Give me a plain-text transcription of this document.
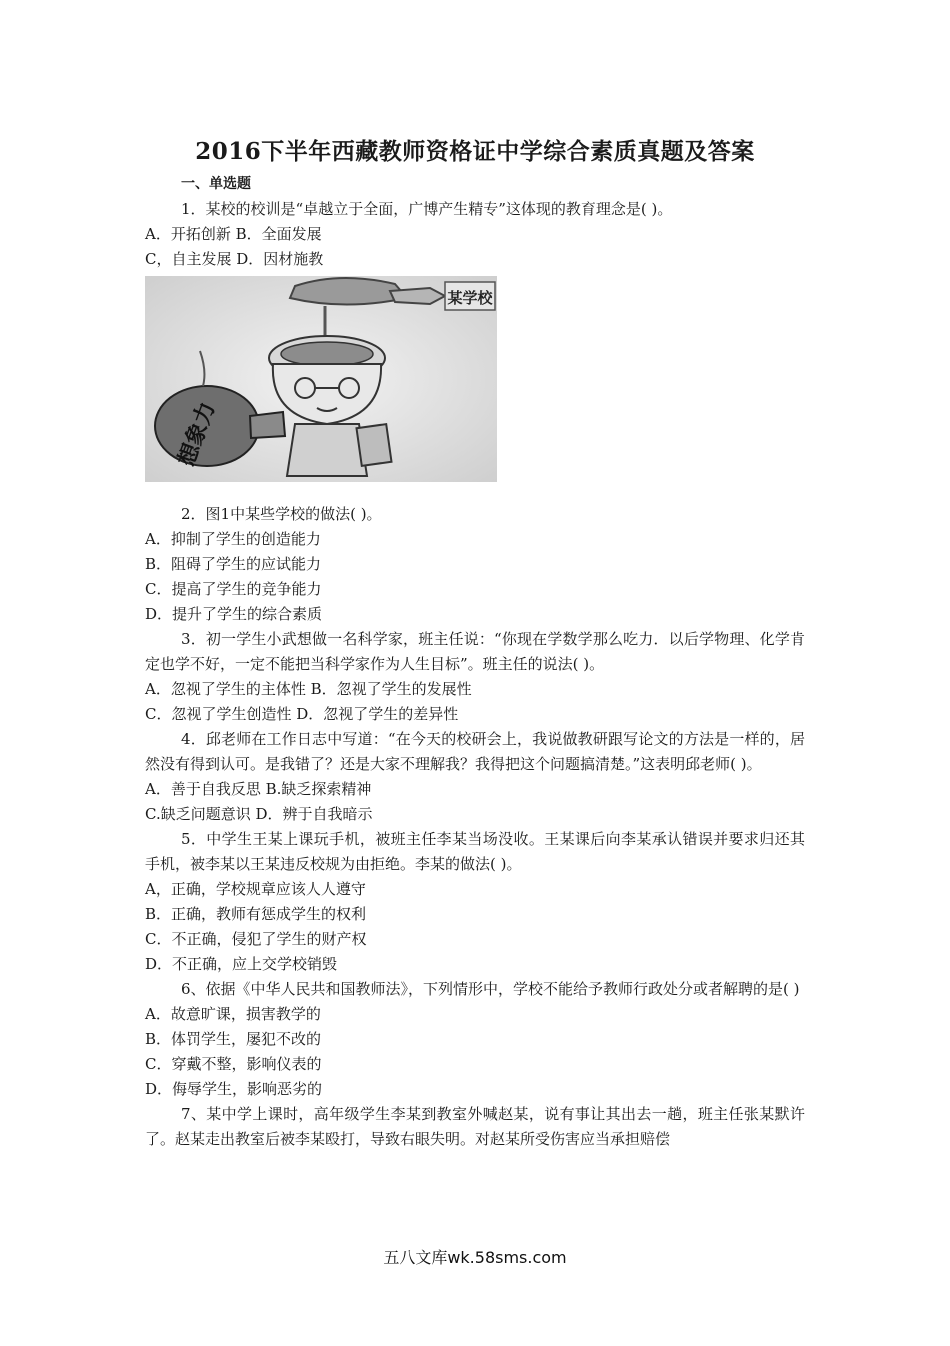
2016下半年西藏教师资格证中学综合素质真题及答案
一、单选题
1．某校的校训是“卓越立于全面，广博产生精专”这体现的教育理念是( )。
A．开拓创新 B．全面发展
C，自主发展 D．因材施教
某学校
想象力
2．图1中某些学校的做法( )。
A．抑制了学生的创造能力
B．阻碍了学生的应试能力
C．提高了学生的竞争能力
D．提升了学生的综合素质
3．初一学生小武想做一名科学家，班主任说：“你现在学数学那么吃力．以后学物理、化学肯定也学不好，一定不能把当科学家作为人生目标”。班主任的说法( )。
A．忽视了学生的主体性 B．忽视了学生的发展性
C．忽视了学生创造性 D．忽视了学生的差异性
4．邱老师在工作日志中写道：“在今天的校研会上，我说做教研跟写论文的方法是一样的，居然没有得到认可。是我错了？还是大家不理解我？我得把这个问题搞清楚。”这表明邱老师( )。
A．善于自我反思 B.缺乏探索精神
C.缺乏问题意识 D．辨于自我暗示
5．中学生王某上课玩手机，被班主任李某当场没收。王某课后向李某承认错误并要求归还其手机，被李某以王某违反校规为由拒绝。李某的做法( )。
A，正确，学校规章应该人人遵守
B．正确，教师有惩成学生的权利
C．不正确，侵犯了学生的财产权
D．不正确，应上交学校销毁
6、依据《中华人民共和国教师法》，下列情形中，学校不能给予教师行政处分或者解聘的是( )
A．故意旷课，损害教学的
B．体罚学生，屡犯不改的
C．穿戴不整，影响仪表的
D．侮辱学生，影响恶劣的
7、某中学上课时，高年级学生李某到教室外喊赵某，说有事让其出去一趟，班主任张某默许了。赵某走出教室后被李某殴打，导致右眼失明。对赵某所受伤害应当承担赔偿
五八文库wk.58sms.com
